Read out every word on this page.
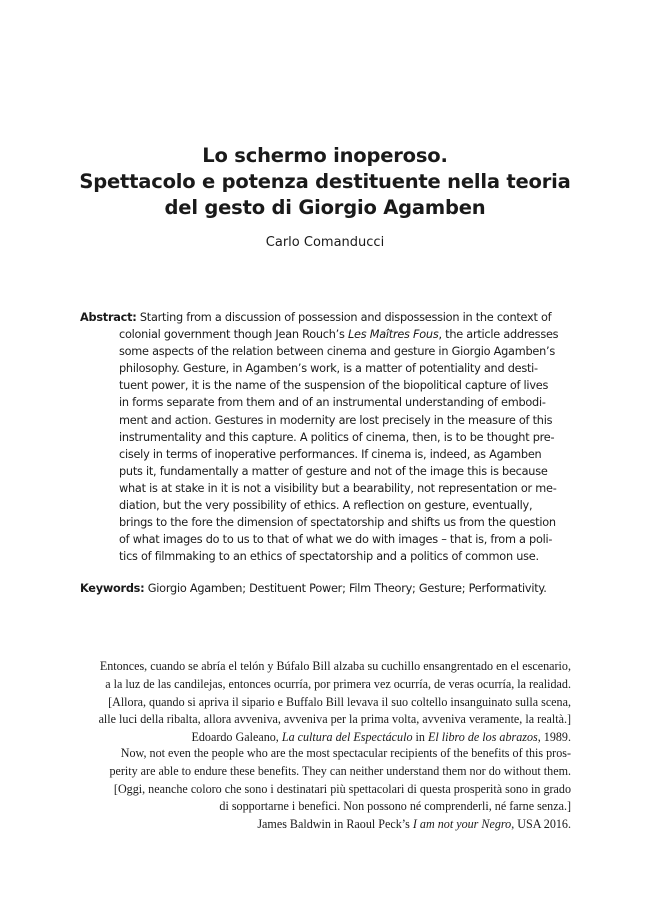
Lo schermo inoperoso.
Spettacolo e potenza destituente nella teoria
del gesto di Giorgio Agamben
Carlo Comanducci
Abstract: Starting from a discussion of possession and dispossession in the context of
colonial government though Jean Rouch’s Les Maîtres Fous, the article addresses
some aspects of the relation between cinema and gesture in Giorgio Agamben’s
philosophy. Gesture, in Agamben’s work, is a matter of potentiality and desti-
tuent power, it is the name of the suspension of the biopolitical capture of lives
in forms separate from them and of an instrumental understanding of embodi-
ment and action. Gestures in modernity are lost precisely in the measure of this
instrumentality and this capture. A politics of cinema, then, is to be thought pre-
cisely in terms of inoperative performances. If cinema is, indeed, as Agamben
puts it, fundamentally a matter of gesture and not of the image this is because
what is at stake in it is not a visibility but a bearability, not representation or me-
diation, but the very possibility of ethics. A reflection on gesture, eventually,
brings to the fore the dimension of spectatorship and shifts us from the question
of what images do to us to that of what we do with images – that is, from a poli-
tics of filmmaking to an ethics of spectatorship and a politics of common use.
Keywords: Giorgio Agamben; Destituent Power; Film Theory; Gesture; Performativity.
Entonces, cuando se abría el telón y Búfalo Bill alzaba su cuchillo ensangrentado en el escenario,
a la luz de las candilejas, entonces ocurría, por primera vez ocurría, de veras ocurría, la realidad.
[Allora, quando si apriva il sipario e Buffalo Bill levava il suo coltello insanguinato sulla scena,
alle luci della ribalta, allora avveniva, avveniva per la prima volta, avveniva veramente, la realtà.]
Edoardo Galeano, La cultura del Espectáculo in El libro de los abrazos, 1989.
Now, not even the people who are the most spectacular recipients of the benefits of this pros-
perity are able to endure these benefits. They can neither understand them nor do without them.
[Oggi, neanche coloro che sono i destinatari più spettacolari di questa prosperità sono in grado
di sopportarne i benefici. Non possono né comprenderli, né farne senza.]
James Baldwin in Raoul Peck’s I am not your Negro, USA 2016.
